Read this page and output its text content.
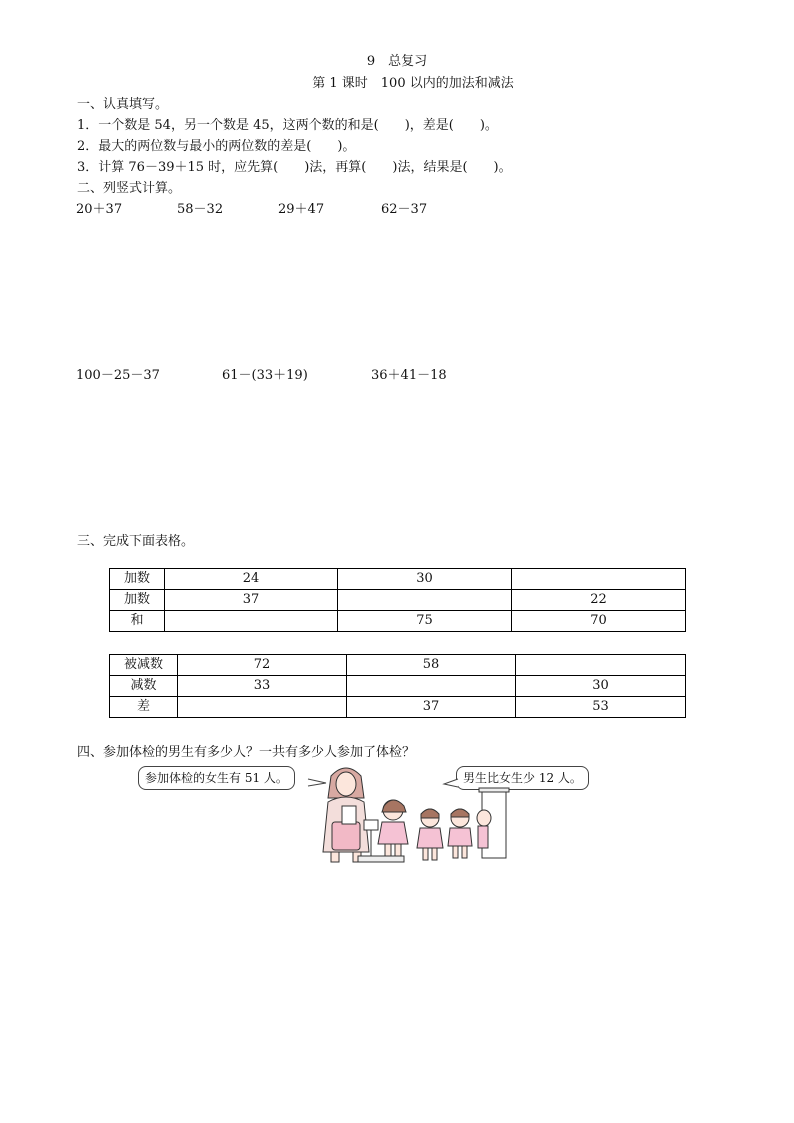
9　总复习
第 1 课时　100 以内的加法和减法
一、认真填写。
1．一个数是 54，另一个数是 45，这两个数的和是(　　)，差是(　　)。
2．最大的两位数与最小的两位数的差是(　　)。
3．计算 76－39＋15 时，应先算(　　)法，再算(　　)法，结果是(　　)。
二、列竖式计算。
20＋37	58－32	29＋47	62－37
100－25－37	61－(33＋19)	36＋41－18
三、完成下面表格。
加数	24	30	
加数	37		22
和		75	70
被减数	72	58	
减数	33		30
差		37	53
四、参加体检的男生有多少人？一共有多少人参加了体检？
参加体检的女生有 51 人。	男生比女生少 12 人。
